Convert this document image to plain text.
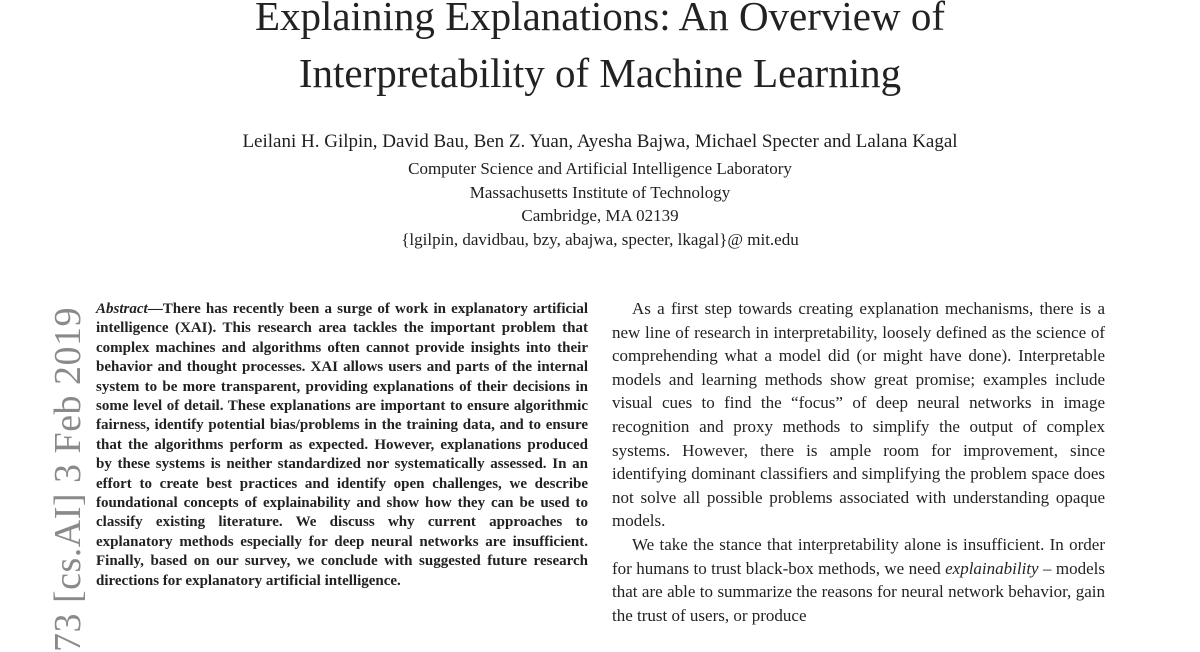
Explaining Explanations: An Overview of
Interpretability of Machine Learning
Leilani H. Gilpin, David Bau, Ben Z. Yuan, Ayesha Bajwa, Michael Specter and Lalana Kagal
Computer Science and Artificial Intelligence Laboratory
Massachusetts Institute of Technology
Cambridge, MA 02139
{lgilpin, davidbau, bzy, abajwa, specter, lkagal}@ mit.edu
73 [cs.AI] 3 Feb 2019 Abstract—There has recently been a surge of work in explanatory artificial intelligence (XAI). This research area tackles the important problem that complex machines and algorithms often cannot provide insights into their behavior and thought processes. XAI allows users and parts of the internal system to be more transparent, providing explanations of their decisions in some level of detail. These explanations are important to ensure algorithmic fairness, identify potential bias/problems in the training data, and to ensure that the algorithms perform as expected. However, explanations produced by these systems is neither standardized nor systematically assessed. In an effort to create best practices and identify open challenges, we describe foundational concepts of explainability and show how they can be used to classify existing literature. We discuss why current approaches to explanatory methods especially for deep neural networks are insufficient. Finally, based on our survey, we conclude with suggested future research directions for explanatory artificial intelligence.

As a first step towards creating explanation mechanisms, there is a new line of research in interpretability, loosely defined as the science of comprehending what a model did (or might have done). Interpretable models and learning methods show great promise; examples include visual cues to find the “focus” of deep neural networks in image recognition and proxy methods to simplify the output of complex systems. However, there is ample room for improvement, since identifying dominant classifiers and simplifying the problem space does not solve all possible problems associated with understanding opaque models.

We take the stance that interpretability alone is insufficient. In order for humans to trust black-box methods, we need explainability – models that are able to summarize the reasons for neural network behavior, gain the trust of users, or produce
